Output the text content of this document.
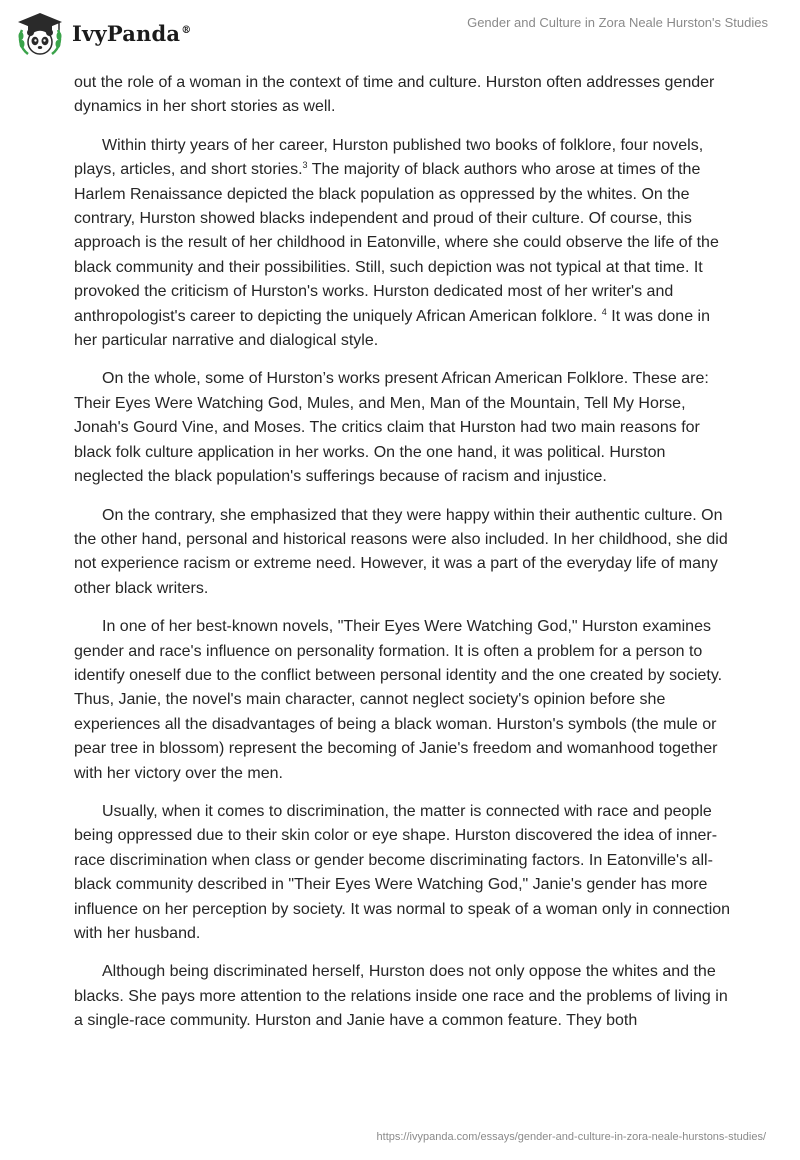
IvyPanda®	Gender and Culture in Zora Neale Hurston's Studies

out the role of a woman in the context of time and culture. Hurston often addresses gender dynamics in her short stories as well.

Within thirty years of her career, Hurston published two books of folklore, four novels, plays, articles, and short stories.$^3$ The majority of black authors who arose at times of the Harlem Renaissance depicted the black population as oppressed by the whites. On the contrary, Hurston showed blacks independent and proud of their culture. Of course, this approach is the result of her childhood in Eatonville, where she could observe the life of the black community and their possibilities. Still, such depiction was not typical at that time. It provoked the criticism of Hurston's works. Hurston dedicated most of her writer's and anthropologist's career to depicting the uniquely African American folklore. $^4$ It was done in her particular narrative and dialogical style.

On the whole, some of Hurston’s works present African American Folklore. These are: Their Eyes Were Watching God, Mules, and Men, Man of the Mountain, Tell My Horse, Jonah's Gourd Vine, and Moses. The critics claim that Hurston had two main reasons for black folk culture application in her works. On the one hand, it was political. Hurston neglected the black population's sufferings because of racism and injustice.

On the contrary, she emphasized that they were happy within their authentic culture. On the other hand, personal and historical reasons were also included. In her childhood, she did not experience racism or extreme need. However, it was a part of the everyday life of many other black writers.

In one of her best-known novels, "Their Eyes Were Watching God," Hurston examines gender and race's influence on personality formation. It is often a problem for a person to identify oneself due to the conflict between personal identity and the one created by society. Thus, Janie, the novel's main character, cannot neglect society's opinion before she experiences all the disadvantages of being a black woman. Hurston's symbols (the mule or pear tree in blossom) represent the becoming of Janie's freedom and womanhood together with her victory over the men.

Usually, when it comes to discrimination, the matter is connected with race and people being oppressed due to their skin color or eye shape. Hurston discovered the idea of inner-race discrimination when class or gender become discriminating factors. In Eatonville's all-black community described in "Their Eyes Were Watching God," Janie's gender has more influence on her perception by society. It was normal to speak of a woman only in connection with her husband.

Although being discriminated herself, Hurston does not only oppose the whites and the blacks. She pays more attention to the relations inside one race and the problems of living in a single-race community. Hurston and Janie have a common feature. They both

https://ivypanda.com/essays/gender-and-culture-in-zora-neale-hurstons-studies/
